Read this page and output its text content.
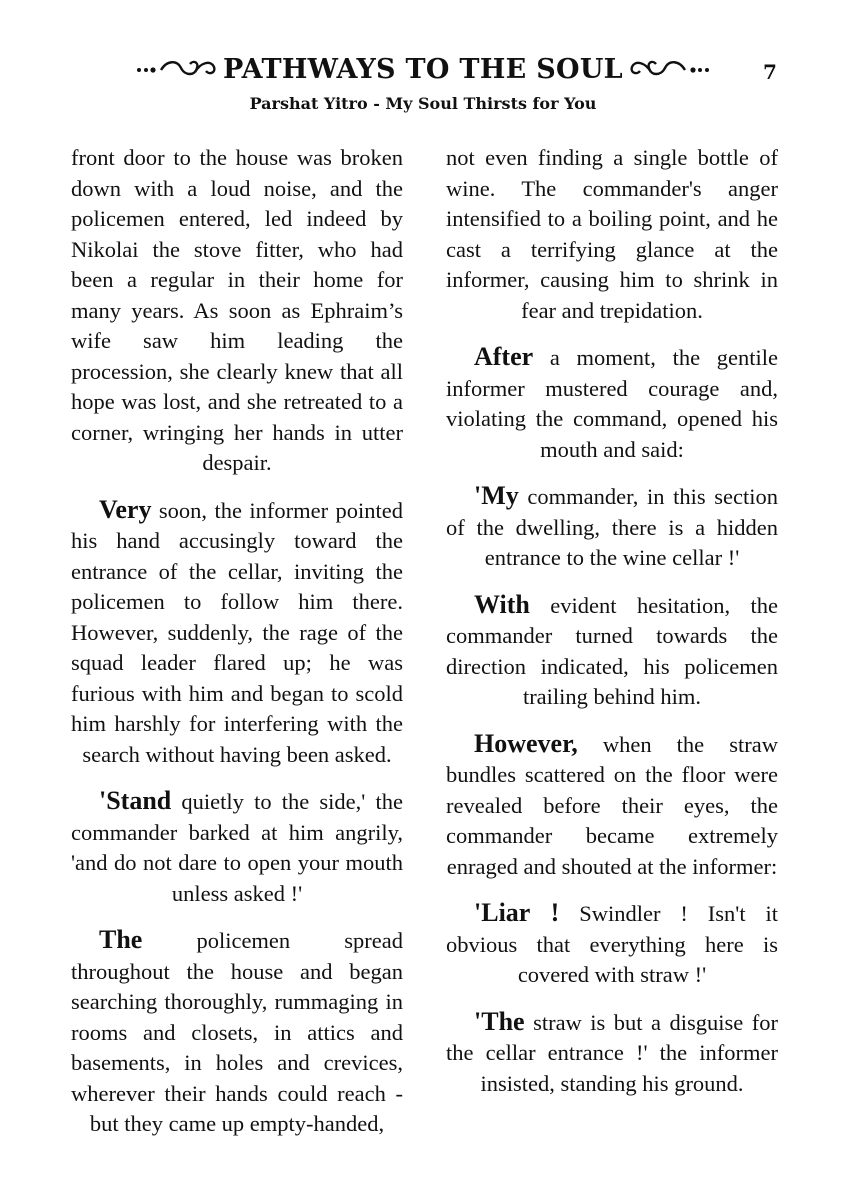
PATHWAYS TO THE SOUL	7
Parshat Yitro - My Soul Thirsts for You

front door to the house was broken down with a loud noise, and the policemen entered, led indeed by Nikolai the stove fitter, who had been a regular in their home for many years. As soon as Ephraim’s wife saw him leading the procession, she clearly knew that all hope was lost, and she retreated to a corner, wringing her hands in utter despair.

Very soon, the informer pointed his hand accusingly toward the entrance of the cellar, inviting the policemen to follow him there. However, suddenly, the rage of the squad leader flared up; he was furious with him and began to scold him harshly for interfering with the search without having been asked.

'Stand quietly to the side,' the commander barked at him angrily, 'and do not dare to open your mouth unless asked !'

The policemen spread throughout the house and began searching thoroughly, rummaging in rooms and closets, in attics and basements, in holes and crevices, wherever their hands could reach - but they came up empty-handed,

not even finding a single bottle of wine. The commander's anger intensified to a boiling point, and he cast a terrifying glance at the informer, causing him to shrink in fear and trepidation.

After a moment, the gentile informer mustered courage and, violating the command, opened his mouth and said:

'My commander, in this section of the dwelling, there is a hidden entrance to the wine cellar !'

With evident hesitation, the commander turned towards the direction indicated, his policemen trailing behind him.

However, when the straw bundles scattered on the floor were revealed before their eyes, the commander became extremely enraged and shouted at the informer:

'Liar ! Swindler ! Isn't it obvious that everything here is covered with straw !'

'The straw is but a disguise for the cellar entrance !' the informer insisted, standing his ground.
